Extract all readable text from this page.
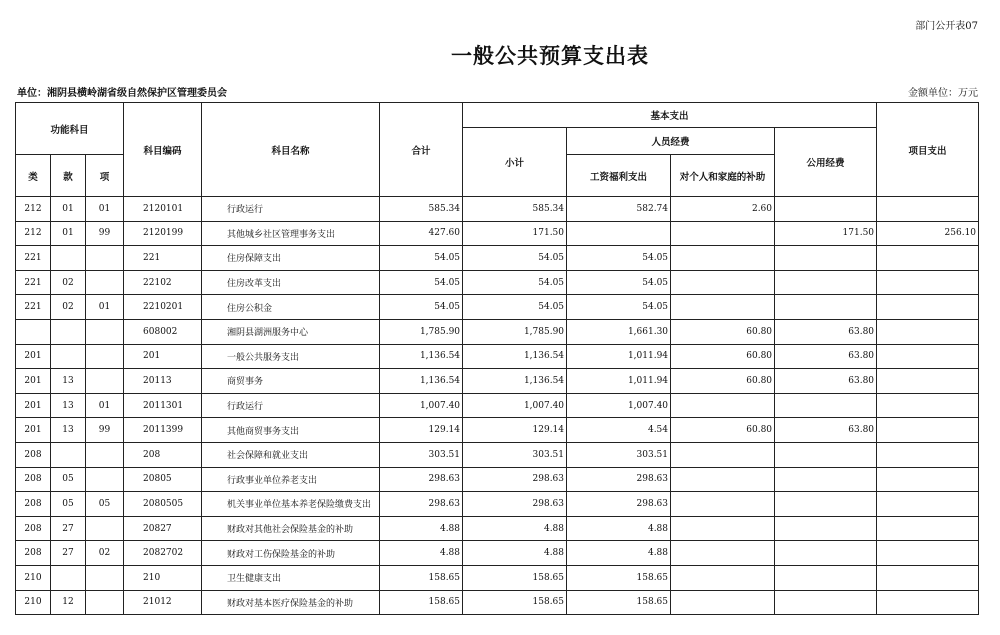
部门公开表07
一般公共预算支出表
单位：湘阴县横岭湖省级自然保护区管理委员会	金额单位：万元
功能科目			科目编码	科目名称	合计	基本支出				项目支出
						小计	人员经费		公用经费	
类	款	项					工资福利支出	对个人和家庭的补助		
212	01	01	2120101	行政运行	585.34	585.34	582.74	2.60		
212	01	99	2120199	其他城乡社区管理事务支出	427.60	171.50			171.50	256.10
221			221	住房保障支出	54.05	54.05	54.05			
221	02		22102	住房改革支出	54.05	54.05	54.05			
221	02	01	2210201	住房公积金	54.05	54.05	54.05			
			608002	湘阴县湖洲服务中心	1,785.90	1,785.90	1,661.30	60.80	63.80	
201			201	一般公共服务支出	1,136.54	1,136.54	1,011.94	60.80	63.80	
201	13		20113	商贸事务	1,136.54	1,136.54	1,011.94	60.80	63.80	
201	13	01	2011301	行政运行	1,007.40	1,007.40	1,007.40			
201	13	99	2011399	其他商贸事务支出	129.14	129.14	4.54	60.80	63.80	
208			208	社会保障和就业支出	303.51	303.51	303.51			
208	05		20805	行政事业单位养老支出	298.63	298.63	298.63			
208	05	05	2080505	机关事业单位基本养老保险缴费支出	298.63	298.63	298.63			
208	27		20827	财政对其他社会保险基金的补助	4.88	4.88	4.88			
208	27	02	2082702	财政对工伤保险基金的补助	4.88	4.88	4.88			
210			210	卫生健康支出	158.65	158.65	158.65			
210	12		21012	财政对基本医疗保险基金的补助	158.65	158.65	158.65			
